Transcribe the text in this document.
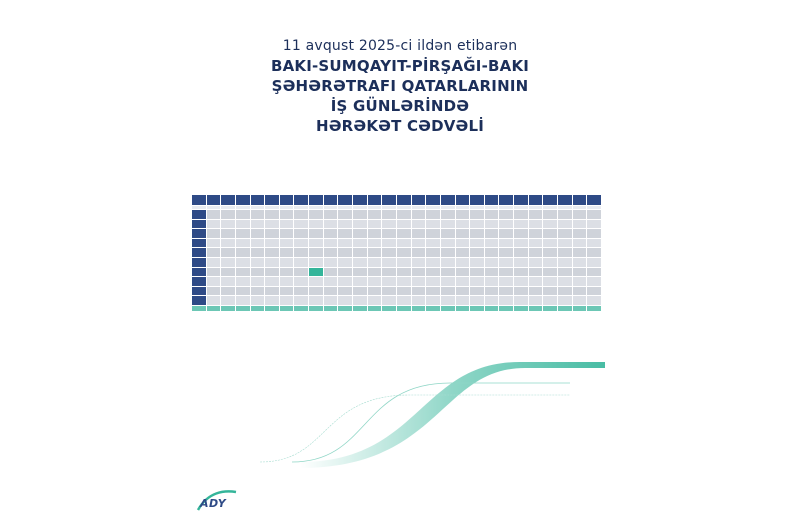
11 avqust 2025-ci ildən etibarən
BAKI-SUMQAYIT-PİRŞAĞI-BAKI
ŞƏHƏRƏTRAFI QATARLARININ
İŞ GÜNLƏRİNDƏ
HƏRƏKƏT CƏDVƏLİ

ADY
